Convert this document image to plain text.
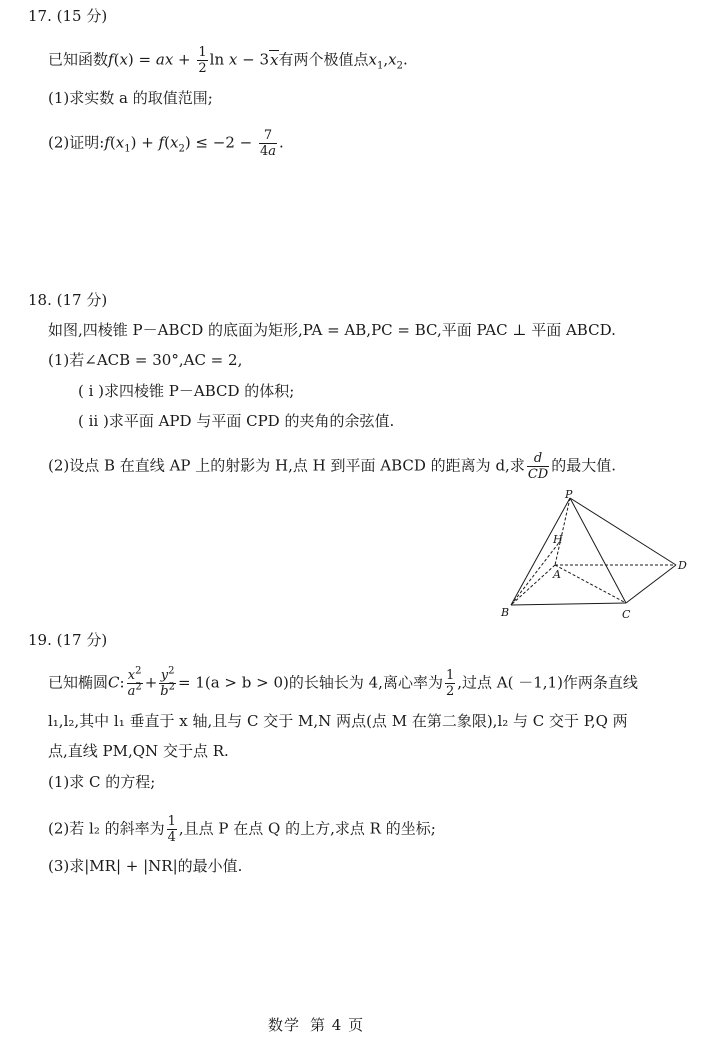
17. (15 分)
已知函数f(x) = ax + $\frac{1}{2}$ ln x − 3x有两个极值点$x_1,x_2$.
(1)求实数 a 的取值范围;
(2)证明$:f(x_1) + f(x_2) \le -2 - \frac{7}{4a}$ .
18. (17 分)
如图,四棱锥 P－ABCD 的底面为矩形,PA = AB,PC = BC,平面 PAC ⊥ 平面 ABCD.
(1)若∠ACB = 30°,AC = 2,
( ⅰ )求四棱锥 P－ABCD 的体积;
( ⅱ )求平面 APD 与平面 CPD 的夹角的余弦值.
(2)设点 B 在直线 AP 上的射影为 H,点 H 到平面 ABCD 的距离为 d,求 $\frac{d}{CD}$ 的最大值.
P
H
A
B	C
D
19. (17 分)
已知椭圆C: $\frac{x^2}{a^2} + \frac{y^2}{b^2} = 1(a > b > 0)$的长轴长为 4,离心率为 $\frac{1}{2}$ ,过点 A( －1,1)作两条直线
l₁,l₂,其中 l₁ 垂直于 x 轴,且与 C 交于 M,N 两点(点 M 在第二象限),l₂ 与 C 交于 P,Q 两
点,直线 PM,QN 交于点 R.
(1)求 C 的方程;
(2)若 l₂ 的斜率为 $\frac{1}{4}$ ,且点 P 在点 Q 的上方,求点 R 的坐标;
(3)求|MR| + |NR|的最小值.
数学 第 4 页
